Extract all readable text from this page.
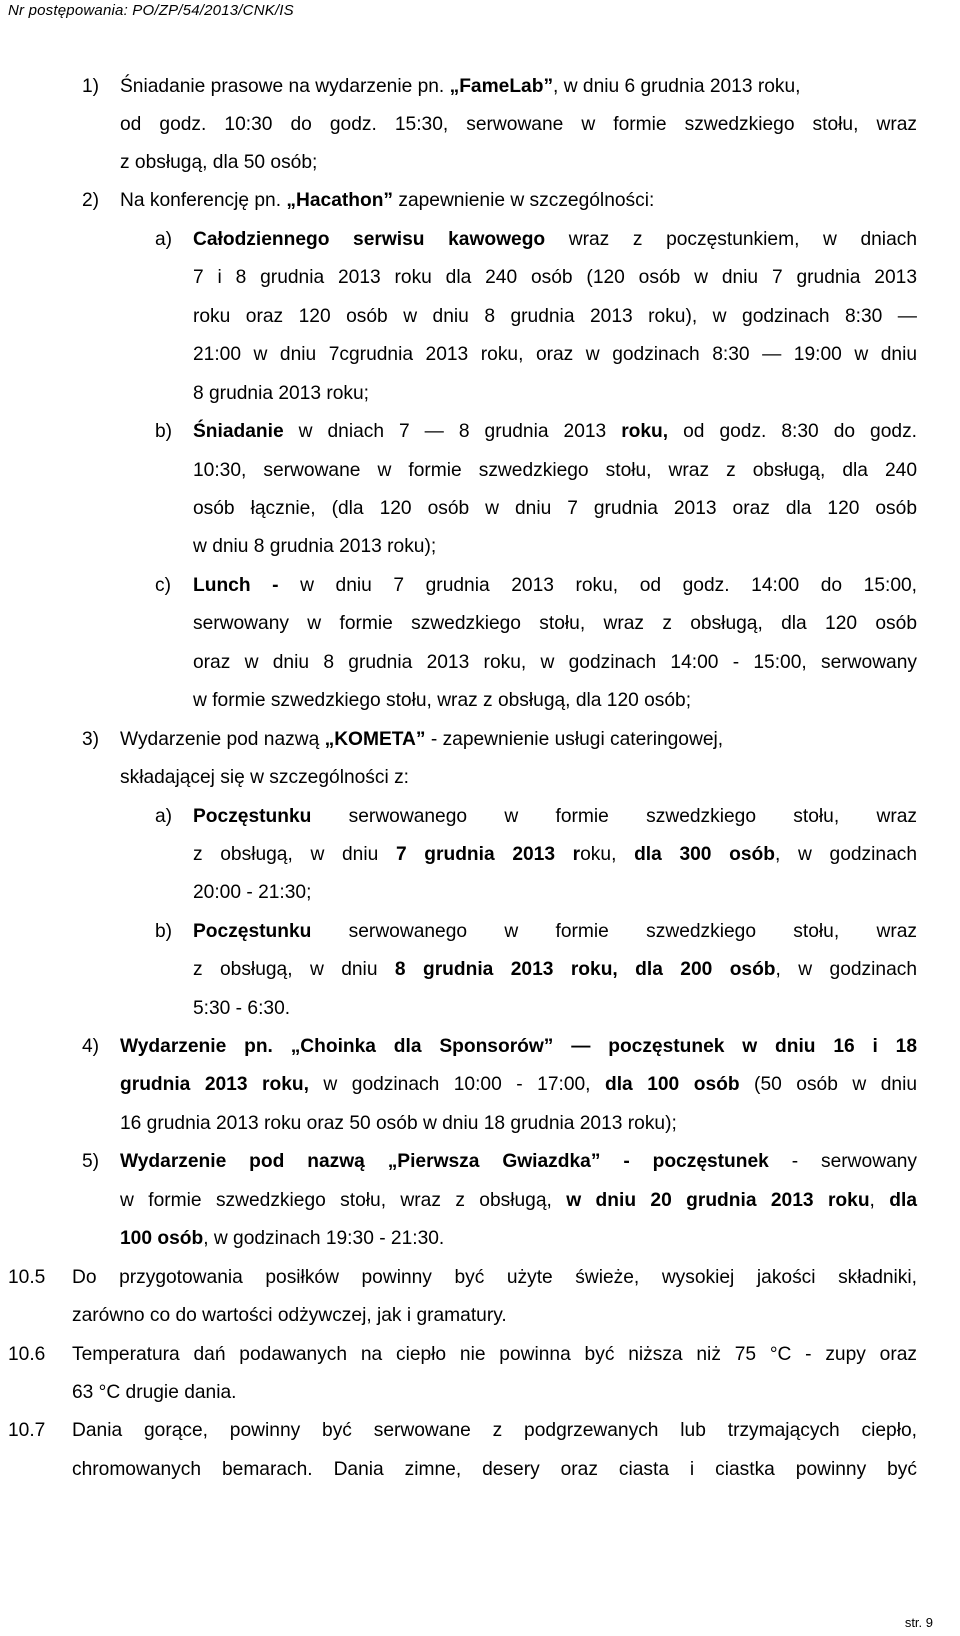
Nr postępowania: PO/ZP/54/2013/CNK/IS
1) Śniadanie prasowe na wydarzenie pn. „FameLab”, w dniu 6 grudnia 2013 roku,
od godz. 10:30 do godz. 15:30, serwowane w formie szwedzkiego stołu, wraz
z obsługą, dla 50 osób;
2) Na konferencję pn. „Hacathon” zapewnienie w szczególności:
a) Całodziennego serwisu kawowego wraz z poczęstunkiem, w dniach
7 i 8 grudnia 2013 roku dla 240 osób (120 osób w dniu 7 grudnia 2013
roku oraz 120 osób w dniu 8 grudnia 2013 roku), w godzinach 8:30 —
21:00 w dniu 7cgrudnia 2013 roku, oraz w godzinach 8:30 — 19:00 w dniu
8 grudnia 2013 roku;
b) Śniadanie w dniach 7 — 8 grudnia 2013 roku, od godz. 8:30 do godz.
10:30, serwowane w formie szwedzkiego stołu, wraz z obsługą, dla 240
osób łącznie, (dla 120 osób w dniu 7 grudnia 2013 oraz dla 120 osób
w dniu 8 grudnia 2013 roku);
c) Lunch - w dniu 7 grudnia 2013 roku, od godz. 14:00 do 15:00,
serwowany w formie szwedzkiego stołu, wraz z obsługą, dla 120 osób
oraz w dniu 8 grudnia 2013 roku, w godzinach 14:00 - 15:00, serwowany
w formie szwedzkiego stołu, wraz z obsługą, dla 120 osób;
3) Wydarzenie pod nazwą „KOMETA” - zapewnienie usługi cateringowej,
składającej się w szczególności z:
a) Poczęstunku serwowanego w formie szwedzkiego stołu, wraz
z obsługą, w dniu 7 grudnia 2013 roku, dla 300 osób, w godzinach
20:00 - 21:30;
b) Poczęstunku serwowanego w formie szwedzkiego stołu, wraz
z obsługą, w dniu 8 grudnia 2013 roku, dla 200 osób, w godzinach
5:30 - 6:30.
4) Wydarzenie pn. „Choinka dla Sponsorów” — poczęstunek w dniu 16 i 18
grudnia 2013 roku, w godzinach 10:00 - 17:00, dla 100 osób (50 osób w dniu
16 grudnia 2013 roku oraz 50 osób w dniu 18 grudnia 2013 roku);
5) Wydarzenie pod nazwą „Pierwsza Gwiazdka” - poczęstunek - serwowany
w formie szwedzkiego stołu, wraz z obsługą, w dniu 20 grudnia 2013 roku, dla
100 osób, w godzinach 19:30 - 21:30.
10.5 Do przygotowania posiłków powinny być użyte świeże, wysokiej jakości składniki,
zarówno co do wartości odżywczej, jak i gramatury.
10.6 Temperatura dań podawanych na ciepło nie powinna być niższa niż 75 °C - zupy oraz
63 °C drugie dania.
10.7 Dania gorące, powinny być serwowane z podgrzewanych lub trzymających ciepło,
chromowanych bemarach. Dania zimne, desery oraz ciasta i ciastka powinny być
str. 9
